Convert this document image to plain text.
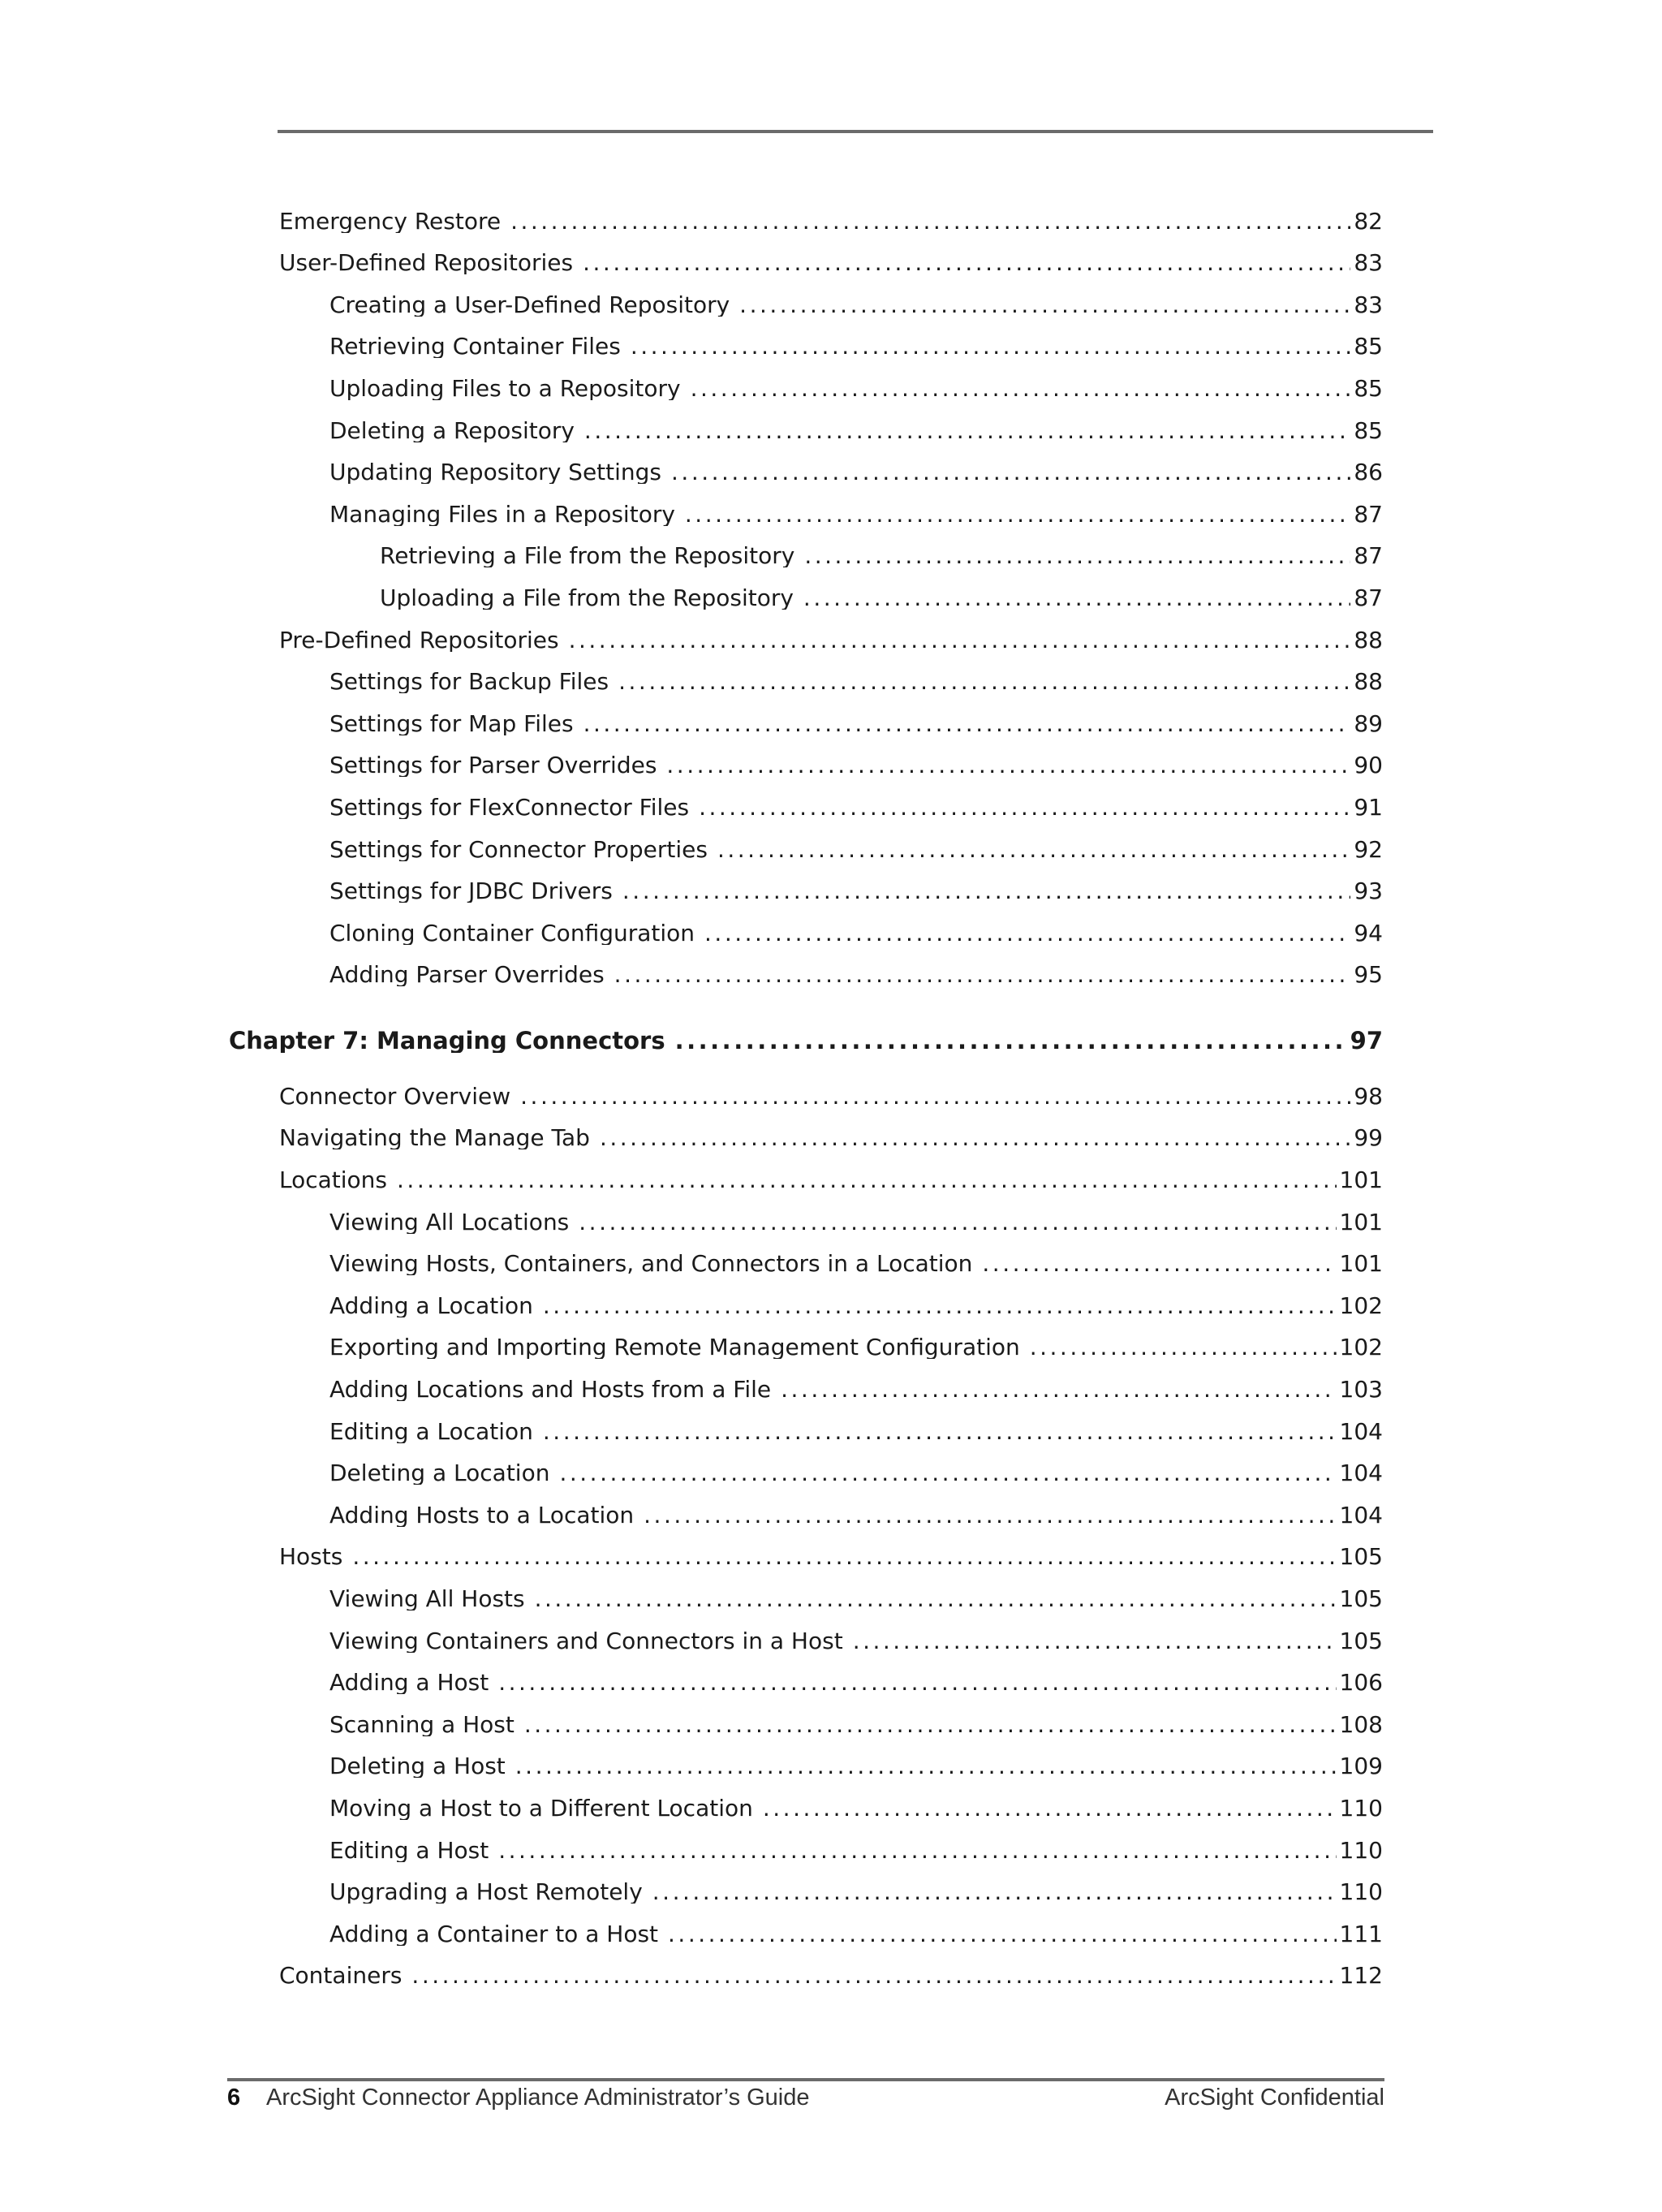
Emergency Restore .....	82
User-Defined Repositories .....	83
Creating a User-Defined Repository .....	83
Retrieving Container Files .....	85
Uploading Files to a Repository .....	85
Deleting a Repository .....	85
Updating Repository Settings .....	86
Managing Files in a Repository .....	87
Retrieving a File from the Repository .....	87
Uploading a File from the Repository .....	87
Pre-Defined Repositories .....	88
Settings for Backup Files .....	88
Settings for Map Files .....	89
Settings for Parser Overrides .....	90
Settings for FlexConnector Files .....	91
Settings for Connector Properties .....	92
Settings for JDBC Drivers .....	93
Cloning Container Configuration .....	94
Adding Parser Overrides .....	95
Chapter 7: Managing Connectors .....	97
Connector Overview .....	98
Navigating the Manage Tab .....	99
Locations .....	101
Viewing All Locations .....	101
Viewing Hosts, Containers, and Connectors in a Location .....	101
Adding a Location .....	102
Exporting and Importing Remote Management Configuration .....	102
Adding Locations and Hosts from a File .....	103
Editing a Location .....	104
Deleting a Location .....	104
Adding Hosts to a Location .....	104
Hosts .....	105
Viewing All Hosts .....	105
Viewing Containers and Connectors in a Host .....	105
Adding a Host .....	106
Scanning a Host .....	108
Deleting a Host .....	109
Moving a Host to a Different Location .....	110
Editing a Host .....	110
Upgrading a Host Remotely .....	110
Adding a Container to a Host .....	111
Containers .....	112
6 ArcSight Connector Appliance Administrator’s Guide	ArcSight Confidential
